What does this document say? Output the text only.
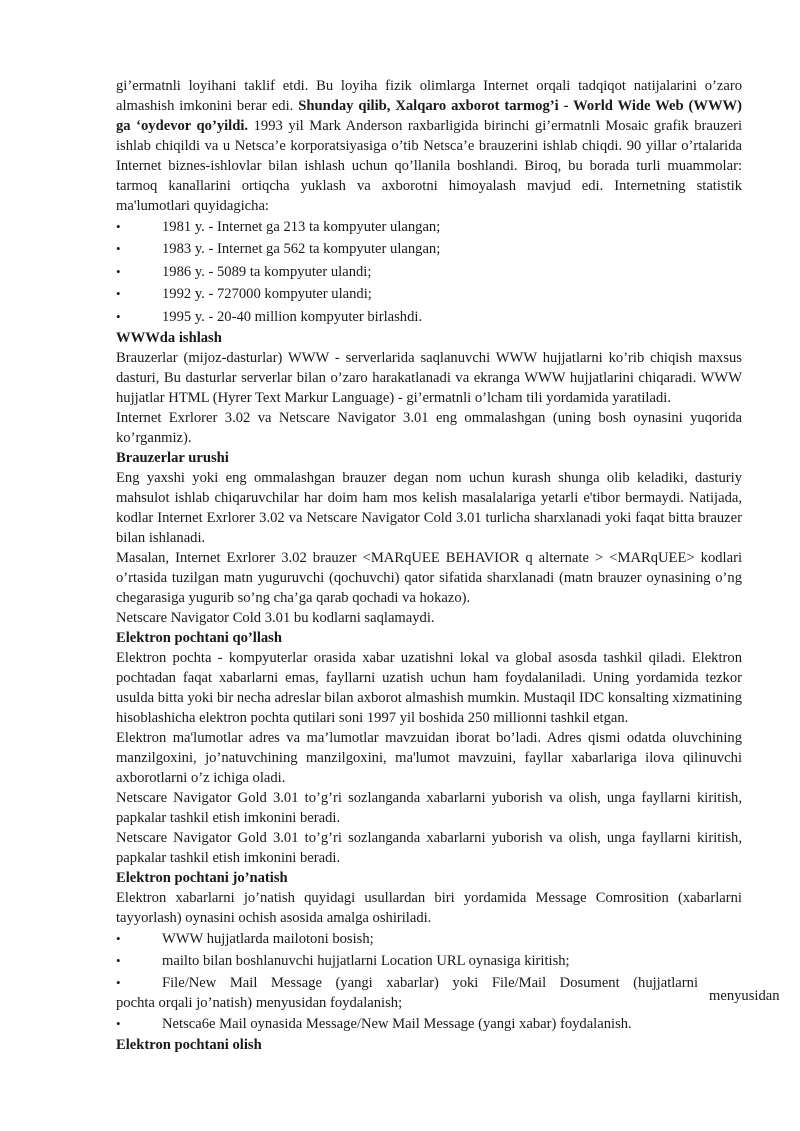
gi’ermatnli loyihani taklif etdi. Bu loyiha fizik olimlarga Internet orqali tadqiqot natijalarini o’zaro almashish imkonini berar edi. Shunday qilib, Xalqaro axborot tarmog’i - World Wide Web (WWW) ga ‘oydevor qo’yildi. 1993 yil Mark Anderson raxbarligida birinchi gi’ermatnli Mosaic grafik brauzeri ishlab chiqildi va u Netsca’e korporatsiyasiga o’tib Netsca’e brauzerini ishlab chiqdi. 90 yillar o’rtalarida Internet biznes-ishlovlar bilan ishlash uchun qo’llanila boshlandi. Biroq, bu borada turli muammolar: tarmoq kanallarini ortiqcha yuklash va axborotni himoyalash mavjud edi. Internetning statistik ma'lumotlari quyidagicha:

•	1981 y. - Internet ga 213 ta kompyuter ulangan;

•	1983 y. - Internet ga 562 ta kompyuter ulangan;

•	1986 y. - 5089 ta kompyuter ulandi;

•	1992 y. - 727000 kompyuter ulandi;

•	1995 y. - 20-40 million kompyuter birlashdi.

WWWda ishlash

Brauzerlar (mijoz-dasturlar) WWW - serverlarida saqlanuvchi WWW hujjatlarni ko’rib chiqish maxsus dasturi, Bu dasturlar serverlar bilan o’zaro harakatlanadi va ekranga WWW hujjatlarini chiqaradi. WWW hujjatlar HTML (Hyrer Text Markur Language) - gi’ermatnli o’lcham tili yordamida yaratiladi.

Internet Exrlorer 3.02 va Netscare Navigator 3.01 eng ommalashgan (uning bosh oynasini yuqorida ko’rganmiz).

Brauzerlar urushi

Eng yaxshi yoki eng ommalashgan brauzer degan nom uchun kurash shunga olib keladiki, dasturiy mahsulot ishlab chiqaruvchilar har doim ham mos kelish masalalariga yetarli e'tibor bermaydi. Natijada, kodlar Internet Exrlorer 3.02 va Netscare Navigator Cold 3.01 turlicha sharxlanadi yoki faqat bitta brauzer bilan ishlanadi.

Masalan, Internet Exrlorer 3.02 brauzer <MARqUEE BEHAVIOR q alternate > <MARqUEE> kodlari o’rtasida tuzilgan matn yuguruvchi (qochuvchi) qator sifatida sharxlanadi (matn brauzer oynasining o’ng chegarasiga yugurib so’ng cha’ga qarab qochadi va hokazo).

Netscare Navigator Cold 3.01 bu kodlarni saqlamaydi.

Elektron pochtani qo’llash

Elektron pochta - kompyuterlar orasida xabar uzatishni lokal va global asosda tashkil qiladi. Elektron pochtadan faqat xabarlarni emas, fayllarni uzatish uchun ham foydalaniladi. Uning yordamida tezkor usulda bitta yoki bir necha adreslar bilan axborot almashish mumkin. Mustaqil IDC konsalting xizmatining hisoblashicha elektron pochta qutilari soni 1997 yil boshida 250 millionni tashkil etgan.

Elektron ma'lumotlar adres va ma’lumotlar mavzuidan iborat bo’ladi. Adres qismi odatda oluvchining manzilgoxini, jo’natuvchining manzilgoxini, ma'lumot mavzuini, fayllar xabarlariga ilova qilinuvchi axborotlarni o’z ichiga oladi.

Netscare Navigator Gold 3.01 to’g’ri sozlanganda xabarlarni yuborish va olish, unga fayllarni kiritish, papkalar tashkil etish imkonini beradi.

Netscare Navigator Gold 3.01 to’g’ri sozlanganda xabarlarni yuborish va olish, unga fayllarni kiritish, papkalar tashkil etish imkonini beradi.

Elektron pochtani jo’natish

Elektron xabarlarni jo’natish quyidagi usullardan biri yordamida Message Comrosition (xabarlarni tayyorlash) oynasini ochish asosida amalga oshiriladi.

•	WWW hujjatlarda mailotoni bosish;

•	mailto bilan boshlanuvchi hujjatlarni Location URL oynasiga kiritish;

•	File/New Mail Message (yangi xabarlar) yoki File/Mail Dosument (hujjatlarni
pochta orqali jo’natish) menyusidan foydalanish;

•	Netsca6e Mail oynasida Message/New Mail Message (yangi xabar) foydalanish.

Elektron pochtani olish

menyusidan
